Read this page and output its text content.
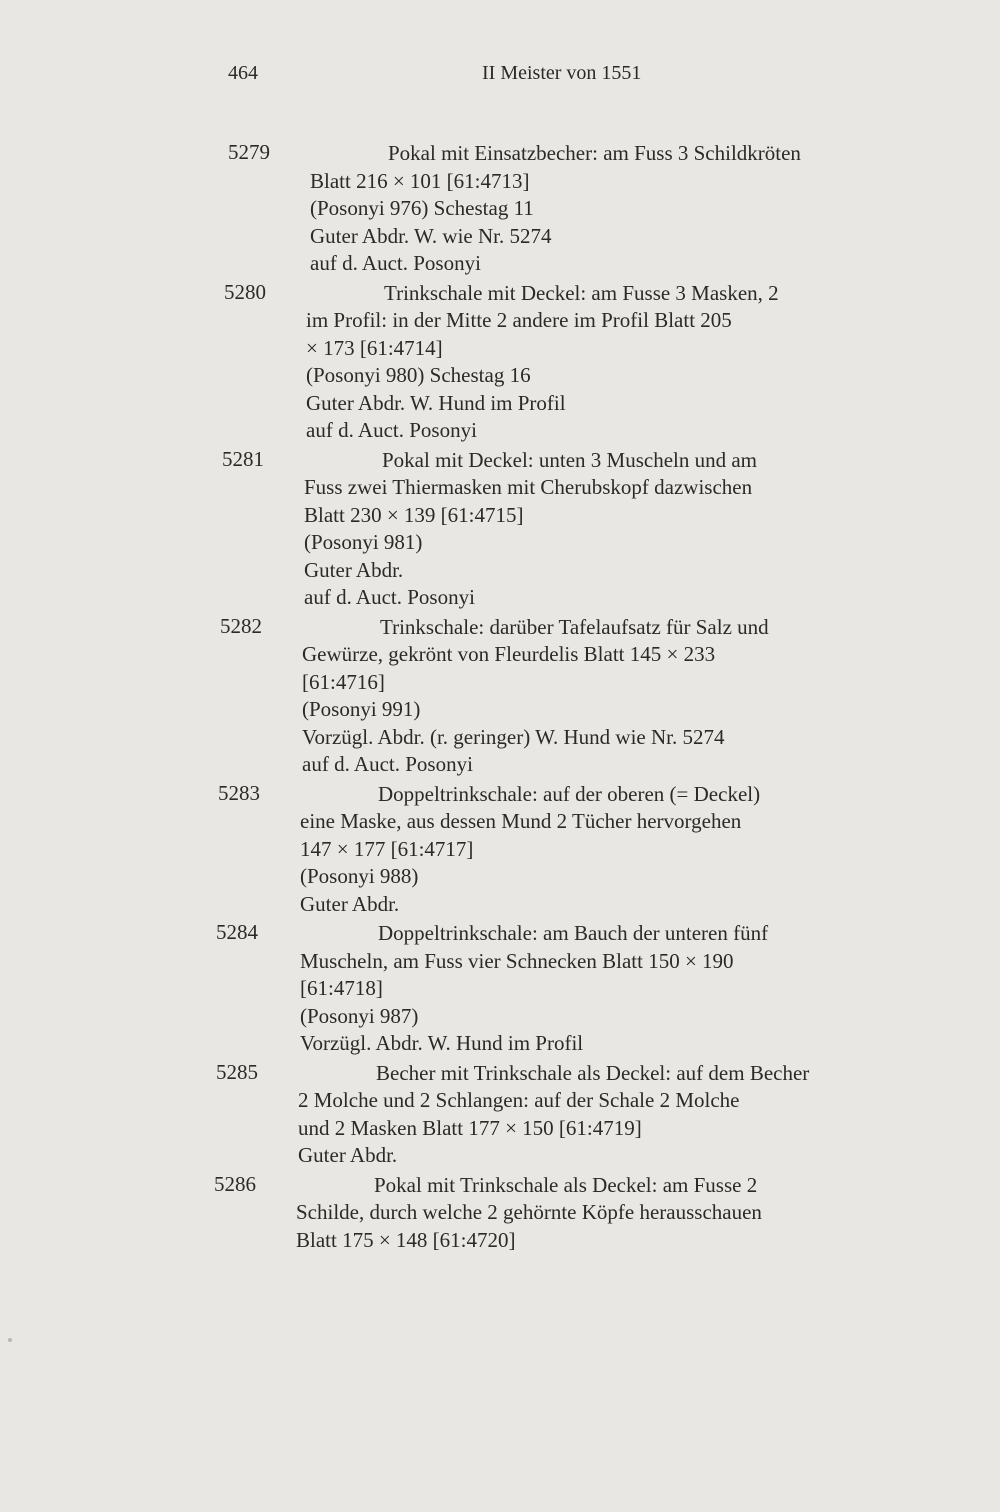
464	II Meister von 1551
5279	Pokal mit Einsatzbecher: am Fuss 3 Schildkröten
Blatt 216 × 101 [61:4713]
(Posonyi 976) Schestag 11
Guter Abdr. W. wie Nr. 5274
auf d. Auct. Posonyi
5280	Trinkschale mit Deckel: am Fusse 3 Masken, 2
im Profil: in der Mitte 2 andere im Profil Blatt 205
× 173 [61:4714]
(Posonyi 980) Schestag 16
Guter Abdr. W. Hund im Profil
auf d. Auct. Posonyi
5281	Pokal mit Deckel: unten 3 Muscheln und am
Fuss zwei Thiermasken mit Cherubskopf dazwischen
Blatt 230 × 139 [61:4715]
(Posonyi 981)
Guter Abdr.
auf d. Auct. Posonyi
5282	Trinkschale: darüber Tafelaufsatz für Salz und
Gewürze, gekrönt von Fleurdelis Blatt 145 × 233
[61:4716]
(Posonyi 991)
Vorzügl. Abdr. (r. geringer) W. Hund wie Nr. 5274
auf d. Auct. Posonyi
5283	Doppeltrinkschale: auf der oberen (= Deckel)
eine Maske, aus dessen Mund 2 Tücher hervorgehen
147 × 177 [61:4717]
(Posonyi 988)
Guter Abdr.
5284	Doppeltrinkschale: am Bauch der unteren fünf
Muscheln, am Fuss vier Schnecken Blatt 150 × 190
[61:4718]
(Posonyi 987)
Vorzügl. Abdr. W. Hund im Profil
5285	Becher mit Trinkschale als Deckel: auf dem Becher
2 Molche und 2 Schlangen: auf der Schale 2 Molche
und 2 Masken Blatt 177 × 150 [61:4719]
Guter Abdr.
5286	Pokal mit Trinkschale als Deckel: am Fusse 2
Schilde, durch welche 2 gehörnte Köpfe herausschauen
Blatt 175 × 148 [61:4720]
